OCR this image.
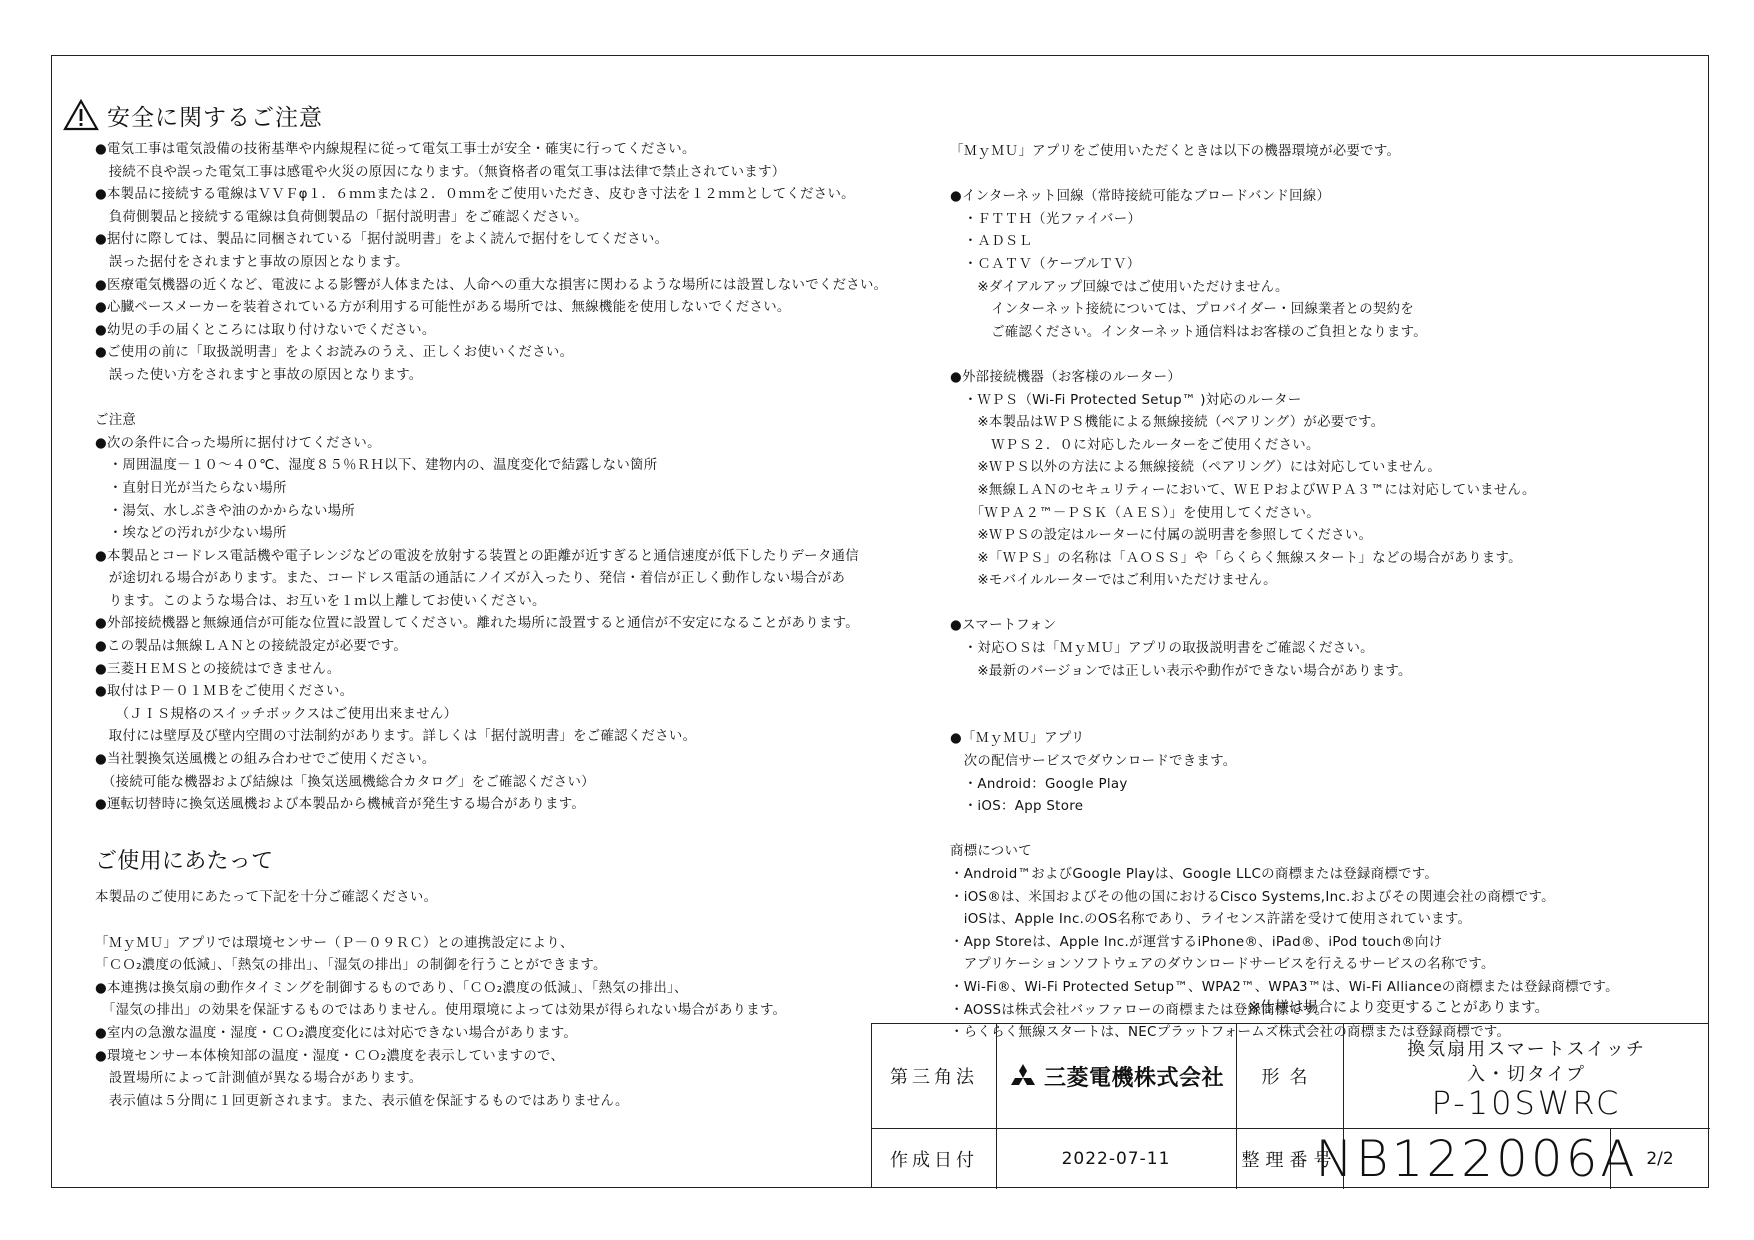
安全に関するご注意
●電気工事は電気設備の技術基準や内線規程に従って電気工事士が安全・確実に行ってください。
　接続不良や誤った電気工事は感電や火災の原因になります。（無資格者の電気工事は法律で禁止されています）
●本製品に接続する電線はＶＶＦφ１．６ｍｍまたは２．０ｍｍをご使用いただき、皮むき寸法を１２ｍｍとしてください。
　負荷側製品と接続する電線は負荷側製品の「据付説明書」をご確認ください。
●据付に際しては、製品に同梱されている「据付説明書」をよく読んで据付をしてください。
　誤った据付をされますと事故の原因となります。
●医療電気機器の近くなど、電波による影響が人体または、人命への重大な損害に関わるような場所には設置しないでください。
●心臓ペースメーカーを装着されている方が利用する可能性がある場所では、無線機能を使用しないでください。
●幼児の手の届くところには取り付けないでください。
●ご使用の前に「取扱説明書」をよくお読みのうえ、正しくお使いください。
　誤った使い方をされますと事故の原因となります。
ご注意
●次の条件に合った場所に据付けてください。
　・周囲温度－１０～４０℃、湿度８５％ＲＨ以下、建物内の、温度変化で結露しない箇所
　・直射日光が当たらない場所
　・湯気、水しぶきや油のかからない場所
　・埃などの汚れが少ない場所
●本製品とコードレス電話機や電子レンジなどの電波を放射する装置との距離が近すぎると通信速度が低下したりデータ通信
　が途切れる場合があります。また、コードレス電話の通話にノイズが入ったり、発信・着信が正しく動作しない場合があ
　ります。このような場合は、お互いを１ｍ以上離してお使いください。
●外部接続機器と無線通信が可能な位置に設置してください。離れた場所に設置すると通信が不安定になることがあります。
●この製品は無線ＬＡＮとの接続設定が必要です。
●三菱ＨＥＭＳとの接続はできません。
●取付はＰ－０１ＭＢをご使用ください。
　　（ＪＩＳ規格のスイッチボックスはご使用出来ません）
　取付には壁厚及び壁内空間の寸法制約があります。詳しくは「据付説明書」をご確認ください。
●当社製換気送風機との組み合わせでご使用ください。
　（接続可能な機器および結線は「換気送風機総合カタログ」をご確認ください）
●運転切替時に換気送風機および本製品から機械音が発生する場合があります。
ご使用にあたって
本製品のご使用にあたって下記を十分ご確認ください。
「ＭｙＭＵ」アプリでは環境センサー（Ｐ－０９ＲＣ）との連携設定により、
「ＣＯ₂濃度の低減」、「熱気の排出」、「湿気の排出」の制御を行うことができます。
●本連携は換気扇の動作タイミングを制御するものであり、「ＣＯ₂濃度の低減」、「熱気の排出」、
　「湿気の排出」の効果を保証するものではありません。使用環境によっては効果が得られない場合があります。
●室内の急激な温度・湿度・ＣＯ₂濃度変化には対応できない場合があります。
●環境センサー本体検知部の温度・湿度・ＣＯ₂濃度を表示していますので、
　設置場所によって計測値が異なる場合があります。
　表示値は５分間に１回更新されます。また、表示値を保証するものではありません。
「ＭｙＭＵ」アプリをご使用いただくときは以下の機器環境が必要です。
●インターネット回線（常時接続可能なブロードバンド回線）
　・ＦＴＴＨ（光ファイバー）
　・ＡＤＳＬ
　・ＣＡＴＶ（ケーブルＴＶ）
　　※ダイアルアップ回線ではご使用いただけません。
　　　インターネット接続については、プロバイダー・回線業者との契約を
　　　ご確認ください。インターネット通信料はお客様のご負担となります。
●外部接続機器（お客様のルーター）
　・ＷＰＳ（Wi-Fi Protected Setup™ )対応のルーター
　　※本製品はＷＰＳ機能による無線接続（ペアリング）が必要です。
　　　ＷＰＳ２．０に対応したルーターをご使用ください。
　　※ＷＰＳ以外の方法による無線接続（ペアリング）には対応していません。
　　※無線ＬＡＮのセキュリティーにおいて、ＷＥＰおよびＷＰＡ３™には対応していません。
　　「ＷＰＡ２™－ＰＳＫ（ＡＥＳ）」を使用してください。
　　※ＷＰＳの設定はルーターに付属の説明書を参照してください。
　　※「ＷＰＳ」の名称は「ＡＯＳＳ」や「らくらく無線スタート」などの場合があります。
　　※モバイルルーターではご利用いただけません。
●スマートフォン
　・対応ＯＳは「ＭｙＭＵ」アプリの取扱説明書をご確認ください。
　　※最新のバージョンでは正しい表示や動作ができない場合があります。
●「ＭｙＭＵ」アプリ
　次の配信サービスでダウンロードできます。
　・Android：Google Play
　・iOS：App Store
商標について
・Android™およびGoogle Playは、Google LLCの商標または登録商標です。
・iOS®は、米国およびその他の国におけるCisco Systems,Inc.およびその関連会社の商標です。
　iOSは、Apple Inc.のOS名称であり、ライセンス許諾を受けて使用されています。
・App Storeは、Apple Inc.が運営するiPhone®、iPad®、iPod touch®向け
　アプリケーションソフトウェアのダウンロードサービスを行えるサービスの名称です。
・Wi-Fi®、Wi-Fi Protected Setup™、WPA2™、WPA3™は、Wi-Fi Allianceの商標または登録商標です。
・AOSSは株式会社バッファローの商標または登録商標です。
・らくらく無線スタートは、NECプラットフォームズ株式会社の商標または登録商標です。
※仕様は場合により変更することがあります。
第三角法	三菱電機株式会社	形名
換気扇用スマートスイッチ
入・切タイプ
P-10SWRC
作成日付	2022-07-11	整理番号
NB122006A 2/2
